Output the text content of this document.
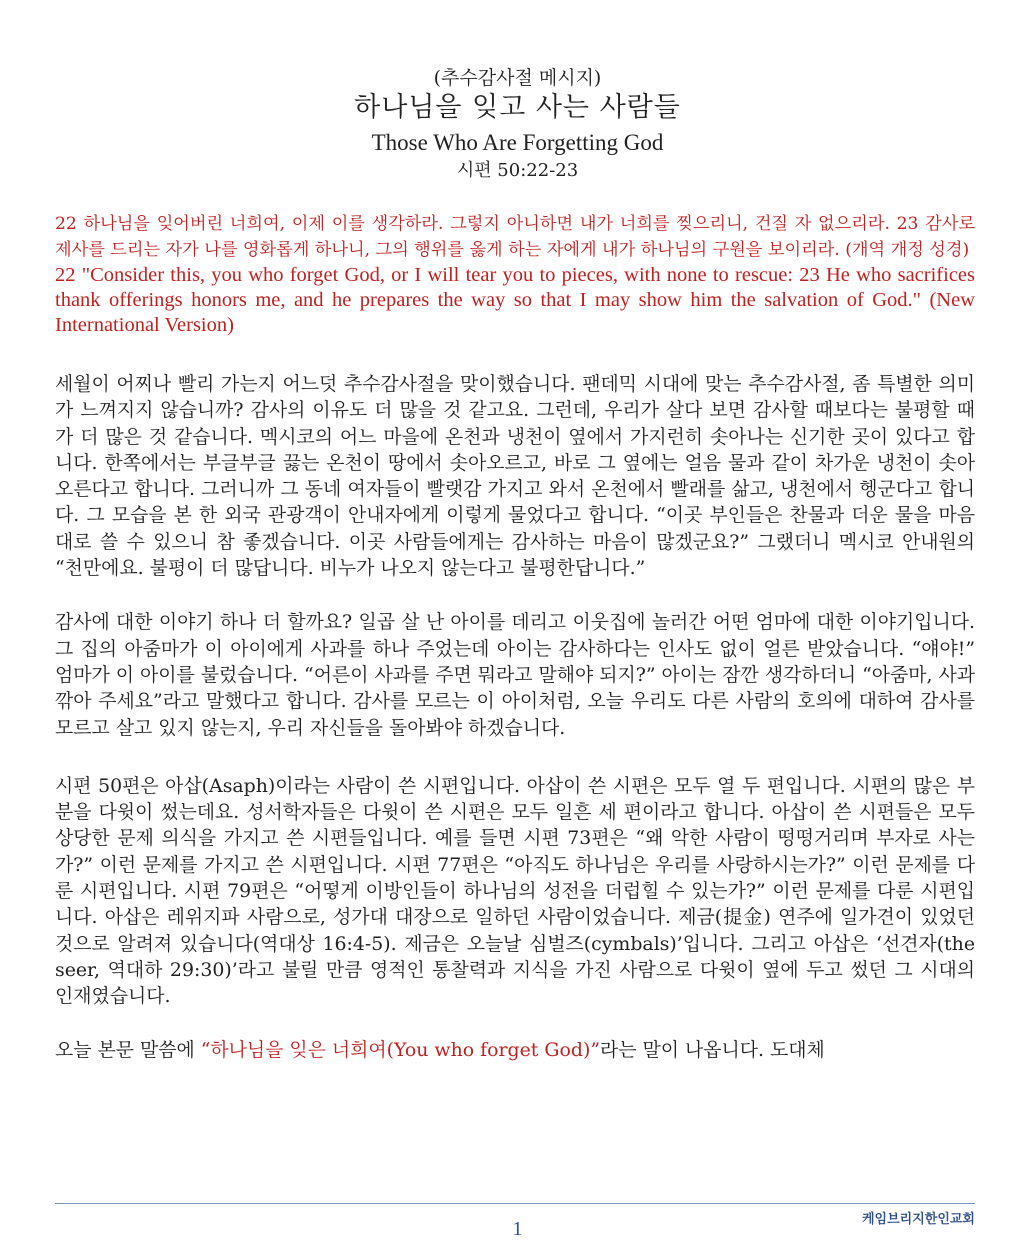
(추수감사절 메시지)
하나님을 잊고 사는 사람들
Those Who Are Forgetting God
시편 50:22-23

22 하나님을 잊어버린 너희여, 이제 이를 생각하라. 그렇지 아니하면 내가 너희를 찢으리니, 건질 자 없으리라. 23 감사로 제사를 드리는 자가 나를 영화롭게 하나니, 그의 행위를 옳게 하는 자에게 내가 하나님의 구원을 보이리라. (개역 개정 성경)

22 "Consider this, you who forget God, or I will tear you to pieces, with none to rescue: 23 He who sacrifices thank offerings honors me, and he prepares the way so that I may show him the salvation of God." (New International Version)

세월이 어찌나 빨리 가는지 어느덧 추수감사절을 맞이했습니다. 팬데믹 시대에 맞는 추수감사절, 좀 특별한 의미가 느껴지지 않습니까? 감사의 이유도 더 많을 것 같고요. 그런데, 우리가 살다 보면 감사할 때보다는 불평할 때가 더 많은 것 같습니다. 멕시코의 어느 마을에 온천과 냉천이 옆에서 가지런히 솟아나는 신기한 곳이 있다고 합니다. 한쪽에서는 부글부글 끓는 온천이 땅에서 솟아오르고, 바로 그 옆에는 얼음 물과 같이 차가운 냉천이 솟아오른다고 합니다. 그러니까 그 동네 여자들이 빨랫감 가지고 와서 온천에서 빨래를 삶고, 냉천에서 헹군다고 합니다. 그 모습을 본 한 외국 관광객이 안내자에게 이렇게 물었다고 합니다. “이곳 부인들은 찬물과 더운 물을 마음대로 쓸 수 있으니 참 좋겠습니다. 이곳 사람들에게는 감사하는 마음이 많겠군요?” 그랬더니 멕시코 안내원의 “천만에요. 불평이 더 많답니다. 비누가 나오지 않는다고 불평한답니다.”

감사에 대한 이야기 하나 더 할까요? 일곱 살 난 아이를 데리고 이웃집에 놀러간 어떤 엄마에 대한 이야기입니다. 그 집의 아줌마가 이 아이에게 사과를 하나 주었는데 아이는 감사하다는 인사도 없이 얼른 받았습니다. “얘야!” 엄마가 이 아이를 불렀습니다. “어른이 사과를 주면 뭐라고 말해야 되지?” 아이는 잠깐 생각하더니 “아줌마, 사과 깎아 주세요”라고 말했다고 합니다. 감사를 모르는 이 아이처럼, 오늘 우리도 다른 사람의 호의에 대하여 감사를 모르고 살고 있지 않는지, 우리 자신들을 돌아봐야 하겠습니다.

시편 50편은 아삽(Asaph)이라는 사람이 쓴 시편입니다. 아삽이 쓴 시편은 모두 열 두 편입니다. 시편의 많은 부분을 다윗이 썼는데요. 성서학자들은 다윗이 쓴 시편은 모두 일흔 세 편이라고 합니다. 아삽이 쓴 시편들은 모두 상당한 문제 의식을 가지고 쓴 시편들입니다. 예를 들면 시편 73편은 “왜 악한 사람이 떵떵거리며 부자로 사는가?” 이런 문제를 가지고 쓴 시편입니다. 시편 77편은 “아직도 하나님은 우리를 사랑하시는가?” 이런 문제를 다룬 시편입니다. 시편 79편은 “어떻게 이방인들이 하나님의 성전을 더럽힐 수 있는가?” 이런 문제를 다룬 시편입니다. 아삽은 레위지파 사람으로, 성가대 대장으로 일하던 사람이었습니다. 제금(提金) 연주에 일가견이 있었던 것으로 알려져 있습니다(역대상 16:4-5). 제금은 오늘날 심벌즈(cymbals)’입니다. 그리고 아삽은 ‘선견자(the seer, 역대하 29:30)’라고 불릴 만큼 영적인 통찰력과 지식을 가진 사람으로 다윗이 옆에 두고 썼던 그 시대의 인재였습니다.

오늘 본문 말씀에 “하나님을 잊은 너희여(You who forget God)”라는 말이 나옵니다. 도대체

1	케임브리지한인교회
